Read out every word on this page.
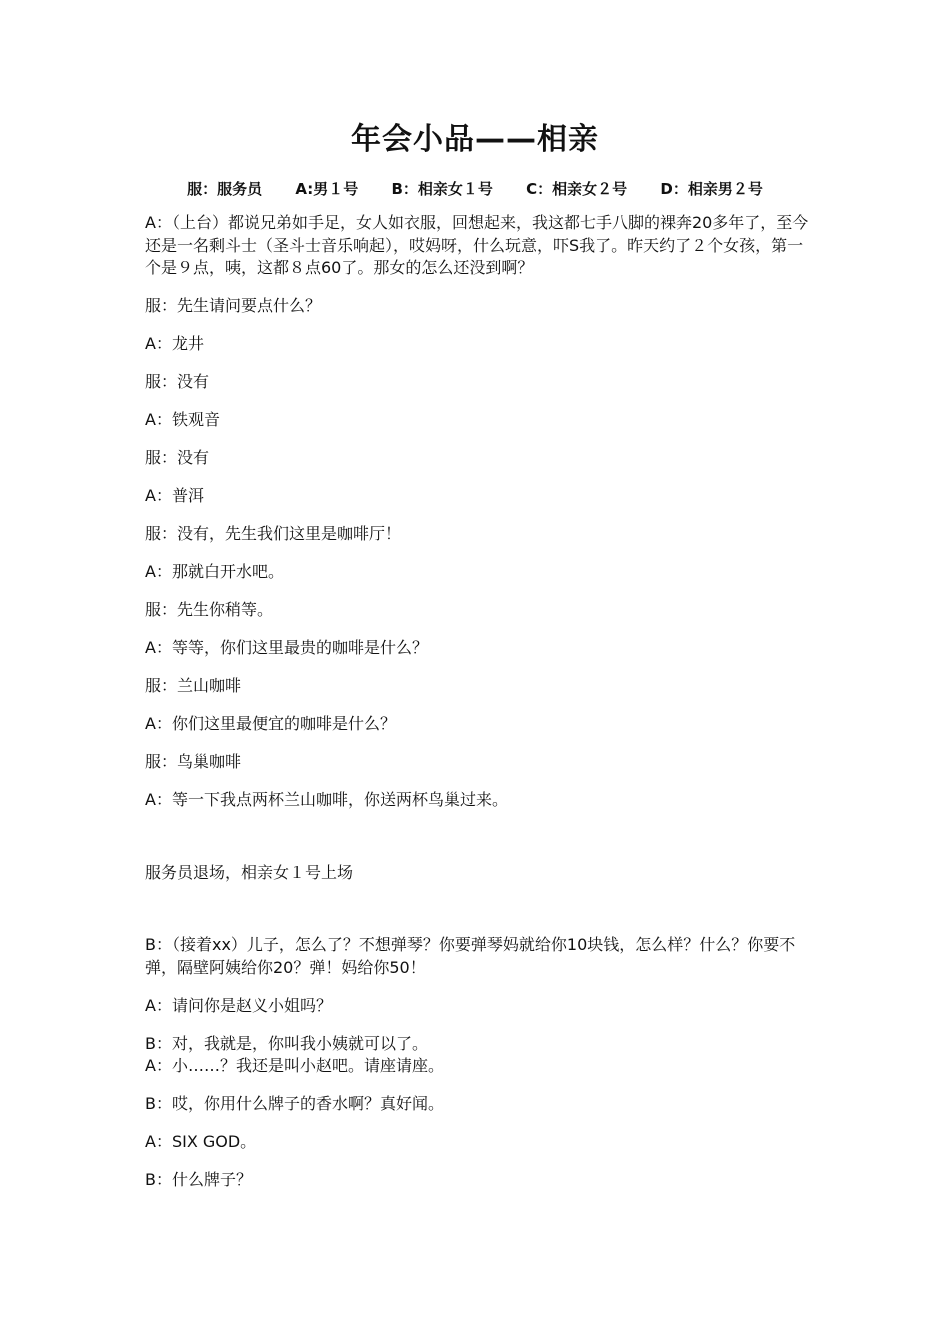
年会小品——相亲
服：服务员 A:男１号 B：相亲女１号 C：相亲女２号 D：相亲男２号
A：（上台）都说兄弟如手足，女人如衣服，回想起来，我这都七手八脚的裸奔20多年了，至今还是一名剩斗士（圣斗士音乐响起），哎妈呀，什么玩意，吓S我了。昨天约了２个女孩，第一个是９点，咦，这都８点60了。那女的怎么还没到啊？
服：先生请问要点什么？
A：龙井
服：没有
A：铁观音
服：没有
A：普洱
服：没有，先生我们这里是咖啡厅！
A：那就白开水吧。
服：先生你稍等。
A：等等，你们这里最贵的咖啡是什么？
服：兰山咖啡
A：你们这里最便宜的咖啡是什么？
服：鸟巢咖啡
A：等一下我点两杯兰山咖啡，你送两杯鸟巢过来。
服务员退场，相亲女１号上场
B：（接着xx）儿子，怎么了？不想弹琴？你要弹琴妈就给你10块钱，怎么样？什么？你要不弹，隔壁阿姨给你20？弹！妈给你50！
A：请问你是赵义小姐吗？
B：对，我就是，你叫我小姨就可以了。
A：小……？我还是叫小赵吧。请座请座。
B：哎，你用什么牌子的香水啊？真好闻。
A：SIX GOD。
B：什么牌子？
